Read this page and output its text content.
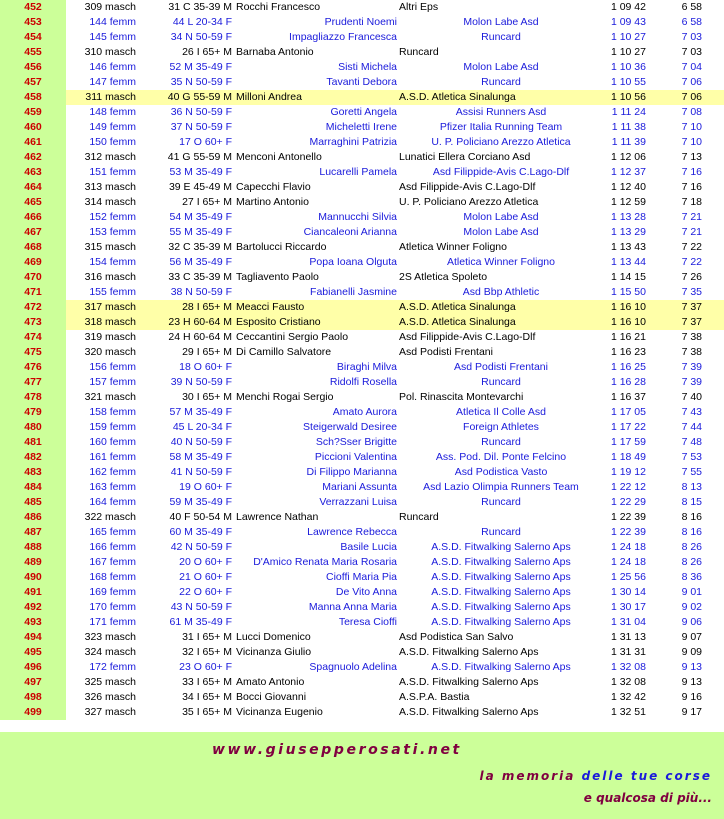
452	309 masch	31 C 35-39 M Rocchi Francesco	Altri Eps	1 09 42	6 58
453	144 femm	44 L 20-34 F	Prudenti Noemi	Molon Labe Asd	1 09 43	6 58
454	145 femm	34 N 50-59 F	Impagliazzo Francesca	Runcard	1 10 27	7 03
455	310 masch	26 I 65+ M Barnaba Antonio	Runcard	1 10 27	7 03
456	146 femm	52 M 35-49 F	Sisti Michela	Molon Labe Asd	1 10 36	7 04
457	147 femm	35 N 50-59 F	Tavanti Debora	Runcard	1 10 55	7 06
458	311 masch	40 G 55-59 M Milloni Andrea	A.S.D. Atletica Sinalunga	1 10 56	7 06
459	148 femm	36 N 50-59 F	Goretti Angela	Assisi Runners Asd	1 11 24	7 08
460	149 femm	37 N 50-59 F	Micheletti Irene	Pfizer Italia Running Team	1 11 38	7 10
461	150 femm	17 O 60+ F	Marraghini Patrizia	U. P. Policiano Arezzo Atletica	1 11 39	7 10
462	312 masch	41 G 55-59 M Menconi Antonello	Lunatici Ellera Corciano Asd	1 12 06	7 13
463	151 femm	53 M 35-49 F	Lucarelli Pamela	Asd Filippide-Avis C.Lago-Dlf	1 12 37	7 16
464	313 masch	39 E 45-49 M Capecchi Flavio	Asd Filippide-Avis C.Lago-Dlf	1 12 40	7 16
465	314 masch	27 I 65+ M Martino Antonio	U. P. Policiano Arezzo Atletica	1 12 59	7 18
466	152 femm	54 M 35-49 F	Mannucchi Silvia	Molon Labe Asd	1 13 28	7 21
467	153 femm	55 M 35-49 F	Ciancaleoni Arianna	Molon Labe Asd	1 13 29	7 21
468	315 masch	32 C 35-39 M Bartolucci Riccardo	Atletica Winner Foligno	1 13 43	7 22
469	154 femm	56 M 35-49 F	Popa Ioana Olguta	Atletica Winner Foligno	1 13 44	7 22
470	316 masch	33 C 35-39 M Tagliavento Paolo	2S Atletica Spoleto	1 14 15	7 26
471	155 femm	38 N 50-59 F	Fabianelli Jasmine	Asd Bbp Athletic	1 15 50	7 35
472	317 masch	28 I 65+ M Meacci Fausto	A.S.D. Atletica Sinalunga	1 16 10	7 37
473	318 masch	23 H 60-64 M Esposito Cristiano	A.S.D. Atletica Sinalunga	1 16 10	7 37
474	319 masch	24 H 60-64 M Ceccantini Sergio Paolo	Asd Filippide-Avis C.Lago-Dlf	1 16 21	7 38
475	320 masch	29 I 65+ M Di Camillo Salvatore	Asd Podisti Frentani	1 16 23	7 38
476	156 femm	18 O 60+ F	Biraghi Milva	Asd Podisti Frentani	1 16 25	7 39
477	157 femm	39 N 50-59 F	Ridolfi Rosella	Runcard	1 16 28	7 39
478	321 masch	30 I 65+ M Menchi Rogai Sergio	Pol. Rinascita Montevarchi	1 16 37	7 40
479	158 femm	57 M 35-49 F	Amato Aurora	Atletica Il Colle Asd	1 17 05	7 43
480	159 femm	45 L 20-34 F	Steigerwald Desiree	Foreign Athletes	1 17 22	7 44
481	160 femm	40 N 50-59 F	Sch?Sser Brigitte	Runcard	1 17 59	7 48
482	161 femm	58 M 35-49 F	Piccioni Valentina	Ass. Pod. Dil. Ponte Felcino	1 18 49	7 53
483	162 femm	41 N 50-59 F	Di Filippo Marianna	Asd Podistica Vasto	1 19 12	7 55
484	163 femm	19 O 60+ F	Mariani Assunta	Asd Lazio Olimpia Runners Team	1 22 12	8 13
485	164 femm	59 M 35-49 F	Verrazzani Luisa	Runcard	1 22 29	8 15
486	322 masch	40 F 50-54 M Lawrence Nathan	Runcard	1 22 39	8 16
487	165 femm	60 M 35-49 F	Lawrence Rebecca	Runcard	1 22 39	8 16
488	166 femm	42 N 50-59 F	Basile Lucia	A.S.D. Fitwalking Salerno Aps	1 24 18	8 26
489	167 femm	20 O 60+ F	D'Amico Renata Maria Rosaria	A.S.D. Fitwalking Salerno Aps	1 24 18	8 26
490	168 femm	21 O 60+ F	Cioffi Maria Pia	A.S.D. Fitwalking Salerno Aps	1 25 56	8 36
491	169 femm	22 O 60+ F	De Vito Anna	A.S.D. Fitwalking Salerno Aps	1 30 14	9 01
492	170 femm	43 N 50-59 F	Manna Anna Maria	A.S.D. Fitwalking Salerno Aps	1 30 17	9 02
493	171 femm	61 M 35-49 F	Teresa Cioffi	A.S.D. Fitwalking Salerno Aps	1 31 04	9 06
494	323 masch	31 I 65+ M Lucci Domenico	Asd Podistica San Salvo	1 31 13	9 07
495	324 masch	32 I 65+ M Vicinanza Giulio	A.S.D. Fitwalking Salerno Aps	1 31 31	9 09
496	172 femm	23 O 60+ F	Spagnuolo Adelina	A.S.D. Fitwalking Salerno Aps	1 32 08	9 13
497	325 masch	33 I 65+ M Amato Antonio	A.S.D. Fitwalking Salerno Aps	1 32 08	9 13
498	326 masch	34 I 65+ M Bocci Giovanni	A.S.P.A. Bastia	1 32 42	9 16
499	327 masch	35 I 65+ M Vicinanza Eugenio	A.S.D. Fitwalking Salerno Aps	1 32 51	9 17
www.giusepperosati.net
la memoria delle tue corse
e qualcosa di più...
